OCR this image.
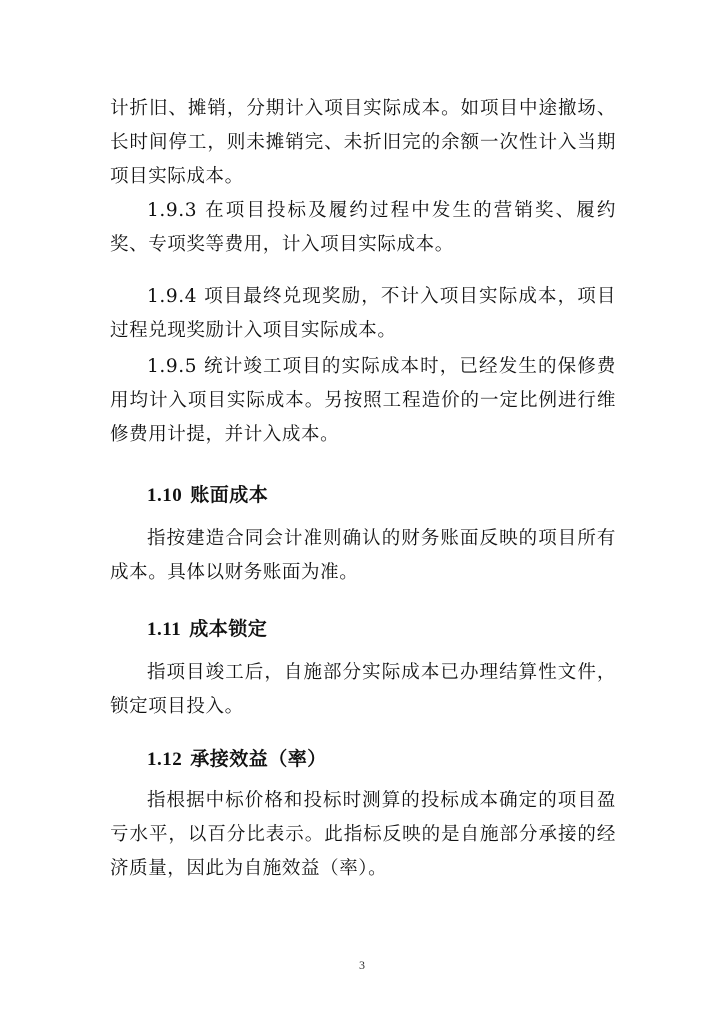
计折旧、摊销，分期计入项目实际成本。如项目中途撤场、长时间停工，则未摊销完、未折旧完的余额一次性计入当期项目实际成本。

1.9.3 在项目投标及履约过程中发生的营销奖、履约奖、专项奖等费用，计入项目实际成本。

1.9.4 项目最终兑现奖励，不计入项目实际成本，项目过程兑现奖励计入项目实际成本。

1.9.5 统计竣工项目的实际成本时，已经发生的保修费用均计入项目实际成本。另按照工程造价的一定比例进行维修费用计提，并计入成本。

1.10 账面成本

指按建造合同会计准则确认的财务账面反映的项目所有成本。具体以财务账面为准。

1.11 成本锁定

指项目竣工后，自施部分实际成本已办理结算性文件，锁定项目投入。

1.12 承接效益（率）

指根据中标价格和投标时测算的投标成本确定的项目盈亏水平，以百分比表示。此指标反映的是自施部分承接的经济质量，因此为自施效益（率）。

3
